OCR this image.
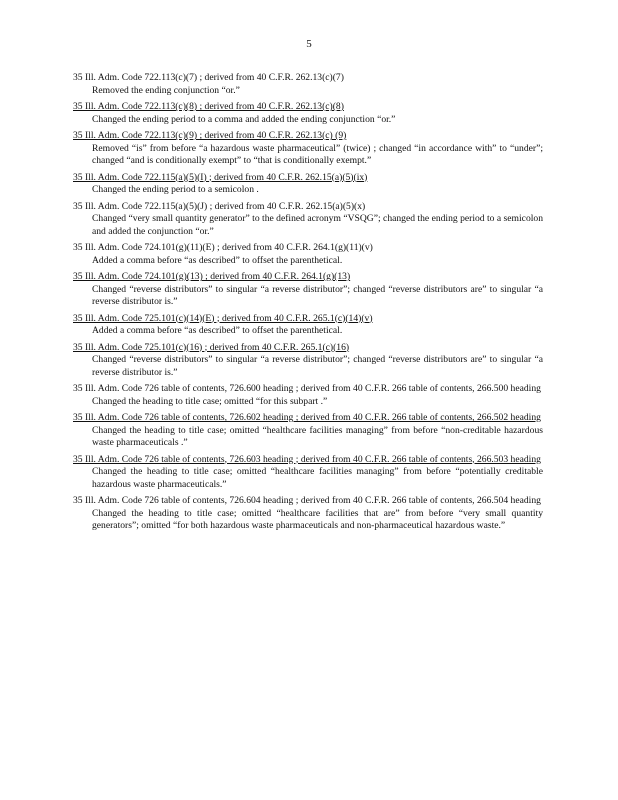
5
35 Ill. Adm. Code 722.113(c)(7) ; derived from 40 C.F.R. 262.13(c)(7)
Removed the ending conjunction “or.”
35 Ill. Adm. Code 722.113(c)(8) ; derived from 40 C.F.R. 262.13(c)(8)
Changed the ending period to a comma and added the ending conjunction “or.”
35 Ill. Adm. Code 722.113(c)(9) ; derived from 40 C.F.R. 262.13(c) (9)
Removed “is” from before “a hazardous waste pharmaceutical” (twice) ; changed “in accordance with” to “under”; changed “and is conditionally exempt” to “that is conditionally exempt.”
35 Ill. Adm. Code 722.115(a)(5)(I) ; derived from 40 C.F.R. 262.15(a)(5)(ix)
Changed the ending period to a semicolon .
35 Ill. Adm. Code 722.115(a)(5)(J) ; derived from 40 C.F.R. 262.15(a)(5)(x)
Changed “very small quantity generator” to the defined acronym “VSQG”; changed the ending period to a semicolon and added the conjunction “or.”
35 Ill. Adm. Code 724.101(g)(11)(E) ; derived from 40 C.F.R. 264.1(g)(11)(v)
Added a comma before “as described” to offset the parenthetical.
35 Ill. Adm. Code 724.101(g)(13) ; derived from 40 C.F.R. 264.1(g)(13)
Changed “reverse distributors” to singular “a reverse distributor”; changed “reverse distributors are” to singular “a reverse distributor is.”
35 Ill. Adm. Code 725.101(c)(14)(E) ; derived from 40 C.F.R. 265.1(c)(14)(v)
Added a comma before “as described” to offset the parenthetical.
35 Ill. Adm. Code 725.101(c)(16) ; derived from 40 C.F.R. 265.1(c)(16)
Changed “reverse distributors” to singular “a reverse distributor”; changed “reverse distributors are” to singular “a reverse distributor is.”
35 Ill. Adm. Code 726 table of contents, 726.600 heading ; derived from 40 C.F.R. 266 table of contents, 266.500 heading
Changed the heading to title case; omitted “for this subpart .”
35 Ill. Adm. Code 726 table of contents, 726.602 heading ; derived from 40 C.F.R. 266 table of contents, 266.502 heading
Changed the heading to title case; omitted “healthcare facilities managing” from before “non-creditable hazardous waste pharmaceuticals .”
35 Ill. Adm. Code 726 table of contents, 726.603 heading ; derived from 40 C.F.R. 266 table of contents, 266.503 heading
Changed the heading to title case; omitted “healthcare facilities managing” from before “potentially creditable hazardous waste pharmaceuticals.”
35 Ill. Adm. Code 726 table of contents, 726.604 heading ; derived from 40 C.F.R. 266 table of contents, 266.504 heading
Changed the heading to title case; omitted “healthcare facilities that are” from before “very small quantity generators”; omitted “for both hazardous waste pharmaceuticals and non-pharmaceutical hazardous waste.”
